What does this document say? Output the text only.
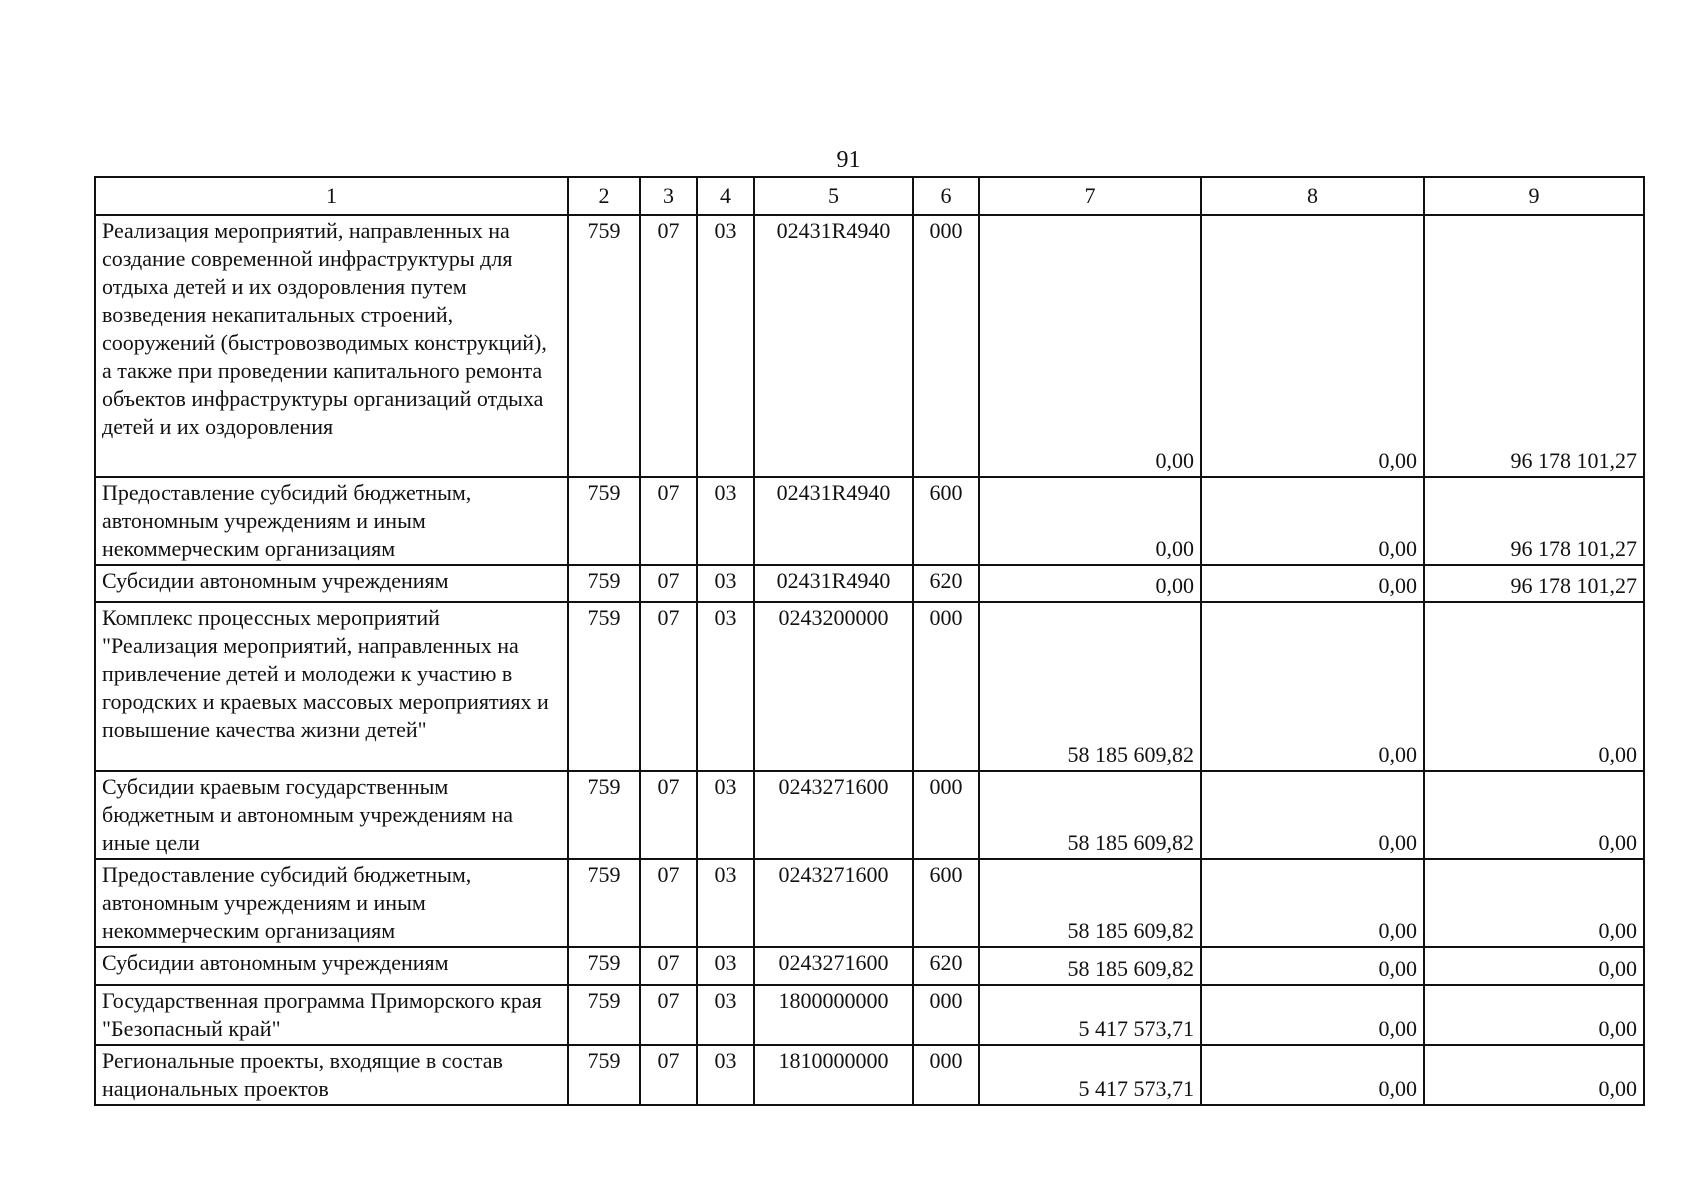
91
1	2	3	4	5	6	7	8	9
Реализация мероприятий, направленных на создание современной инфраструктуры для отдыха детей и их оздоровления путем возведения некапитальных строений, сооружений (быстровозводимых конструкций), а также при проведении капитального ремонта объектов инфраструктуры организаций отдыха детей и их оздоровления	759	07	03	02431R4940	000	0,00	0,00	96 178 101,27
Предоставление субсидий бюджетным, автономным учреждениям и иным некоммерческим организациям	759	07	03	02431R4940	600	0,00	0,00	96 178 101,27
Субсидии автономным учреждениям	759	07	03	02431R4940	620	0,00	0,00	96 178 101,27
Комплекс процессных мероприятий "Реализация мероприятий, направленных на привлечение детей и молодежи к участию в городских и краевых массовых мероприятиях и повышение качества жизни детей"	759	07	03	0243200000	000	58 185 609,82	0,00	0,00
Субсидии краевым государственным бюджетным и автономным учреждениям на иные цели	759	07	03	0243271600	000	58 185 609,82	0,00	0,00
Предоставление субсидий бюджетным, автономным учреждениям и иным некоммерческим организациям	759	07	03	0243271600	600	58 185 609,82	0,00	0,00
Субсидии автономным учреждениям	759	07	03	0243271600	620	58 185 609,82	0,00	0,00
Государственная программа Приморского края "Безопасный край"	759	07	03	1800000000	000	5 417 573,71	0,00	0,00
Региональные проекты, входящие в состав национальных проектов	759	07	03	1810000000	000	5 417 573,71	0,00	0,00
